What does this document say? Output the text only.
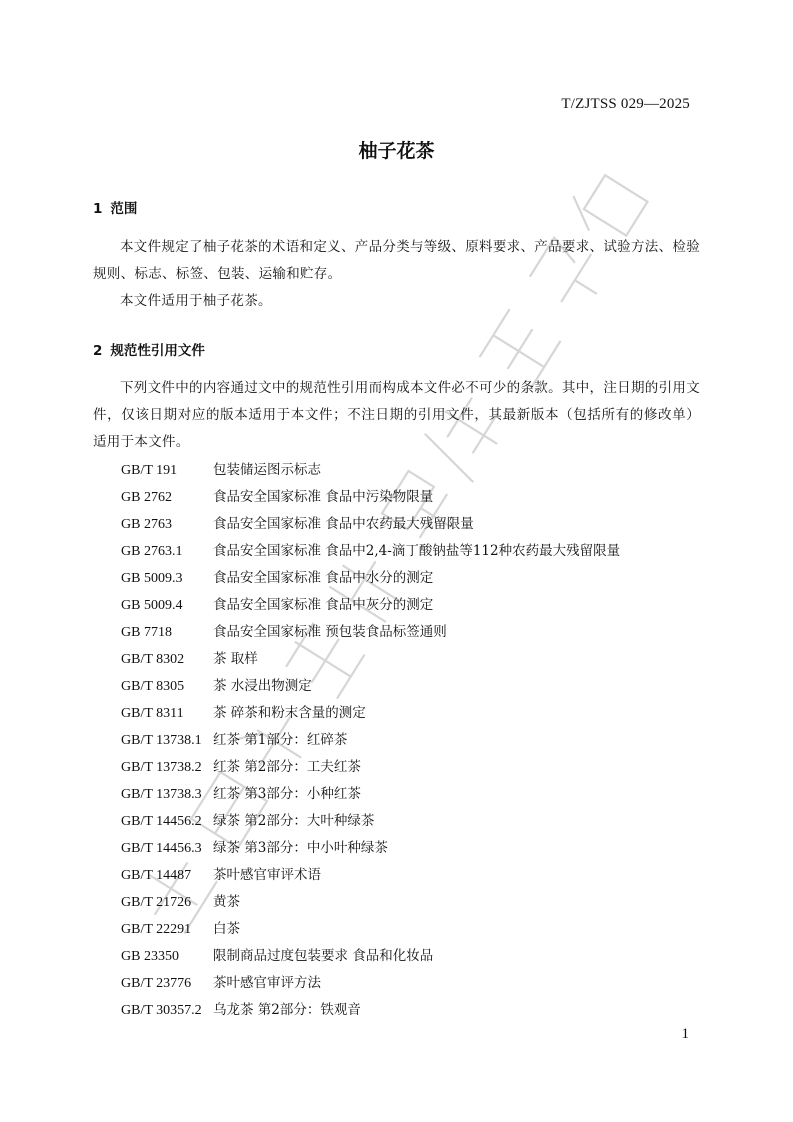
T/ZJTSS 029—2025
柚子花茶
1 范围

本文件规定了柚子花茶的术语和定义、产品分类与等级、原料要求、产品要求、试验方法、检验规则、标志、标签、包装、运输和贮存。

本文件适用于柚子花茶。

2 规范性引用文件

下列文件中的内容通过文中的规范性引用而构成本文件必不可少的条款。其中，注日期的引用文件，仅该日期对应的版本适用于本文件；不注日期的引用文件，其最新版本（包括所有的修改单）适用于本文件。

GB/T 191	包装储运图示标志
GB 2762	食品安全国家标准 食品中污染物限量
GB 2763	食品安全国家标准 食品中农药最大残留限量
GB 2763.1 食品安全国家标准 食品中2,4-滴丁酸钠盐等112种农药最大残留限量
GB 5009.3 食品安全国家标准 食品中水分的测定
GB 5009.4 食品安全国家标准 食品中灰分的测定
GB 7718	食品安全国家标准 预包装食品标签通则
GB/T 8302 茶 取样
GB/T 8305 茶 水浸出物测定
GB/T 8311 茶 碎茶和粉末含量的测定
GB/T 13738.1 红茶 第1部分：红碎茶
GB/T 13738.2 红茶 第2部分：工夫红茶
GB/T 13738.3 红茶 第3部分：小种红茶
GB/T 14456.2 绿茶 第2部分：大叶种绿茶
GB/T 14456.3 绿茶 第3部分：中小叶种绿茶
GB/T 14487 茶叶感官审评术语
GB/T 21726 黄茶
GB/T 22291 白茶
GB 23350	限制商品过度包装要求 食品和化妆品
GB/T 23776 茶叶感官审评方法
GB/T 30357.2 乌龙茶 第2部分：铁观音
1
